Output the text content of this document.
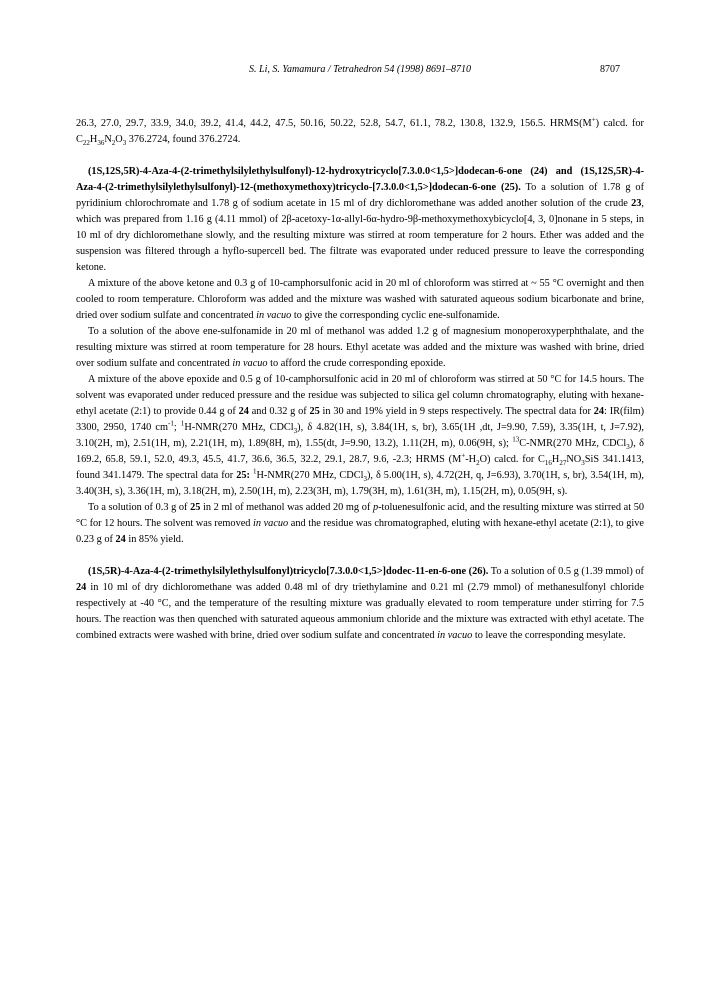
S. Li, S. Yamamura / Tetrahedron 54 (1998) 8691–8710	8707

26.3, 27.0, 29.7, 33.9, 34.0, 39.2, 41.4, 44.2, 47.5, 50.16, 50.22, 52.8, 54.7, 61.1, 78.2, 130.8, 132.9, 156.5. HRMS(M+) calcd. for $C_{22}H_{36}N_2O_3$ 376.2724, found 376.2724.

(1S,12S,5R)-4-Aza-4-(2-trimethylsilylethylsulfonyl)-12-hydroxytricyclo[7.3.0.0<1,5>]dodecan-6-one (24) and (1S,12S,5R)-4-Aza-4-(2-trimethylsilylethylsulfonyl)-12-(methoxymethoxy)tricyclo-[7.3.0.0<1,5>]dodecan-6-one (25). To a solution of 1.78 g of pyridinium chlorochromate and 1.78 g of sodium acetate in 15 ml of dry dichloromethane was added another solution of the crude 23, which was prepared from 1.16 g (4.11 mmol) of 2β-acetoxy-1α-allyl-6α-hydro-9β-methoxymethoxybicyclo[4, 3, 0]nonane in 5 steps, in 10 ml of dry dichloromethane slowly, and the resulting mixture was stirred at room temperature for 2 hours. Ether was added and the suspension was filtered through a hyflo-supercell bed. The filtrate was evaporated under reduced pressure to leave the corresponding ketone.

A mixture of the above ketone and 0.3 g of 10-camphorsulfonic acid in 20 ml of chloroform was stirred at ~ 55 °C overnight and then cooled to room temperature. Chloroform was added and the mixture was washed with saturated aqueous sodium bicarbonate and brine, dried over sodium sulfate and concentrated in vacuo to give the corresponding cyclic ene-sulfonamide.

To a solution of the above ene-sulfonamide in 20 ml of methanol was added 1.2 g of magnesium monoperoxyperphthalate, and the resulting mixture was stirred at room temperature for 28 hours. Ethyl acetate was added and the mixture was washed with brine, dried over sodium sulfate and concentrated in vacuo to afford the crude corresponding epoxide.

A mixture of the above epoxide and 0.5 g of 10-camphorsulfonic acid in 20 ml of chloroform was stirred at 50 °C for 14.5 hours. The solvent was evaporated under reduced pressure and the residue was subjected to silica gel column chromatography, eluting with hexane-ethyl acetate (2:1) to provide 0.44 g of 24 and 0.32 g of 25 in 30 and 19% yield in 9 steps respectively. The spectral data for 24: IR(film) 3300, 2950, 1740 $cm^{-1}$; $^1$H-NMR(270 MHz, CDCl$_3$), δ 4.82(1H, s), 3.84(1H, s, br), 3.65(1H ,dt, J=9.90, 7.59), 3.35(1H, t, J=7.92), 3.10(2H, m), 2.51(1H, m), 2.21(1H, m), 1.89(8H, m), 1.55(dt, J=9.90, 13.2), 1.11(2H, m), 0.06(9H, s); $^{13}$C-NMR(270 MHz, CDCl$_3$), δ 169.2, 65.8, 59.1, 52.0, 49.3, 45.5, 41.7, 36.6, 36.5, 32.2, 29.1, 28.7, 9.6, -2.3; HRMS $(M^+-H_2O)$ calcd. for $C_{16}H_{27}NO_3SiS$ 341.1413, found 341.1479. The spectral data for 25: $^1$H-NMR(270 MHz, CDCl$_3$), δ 5.00(1H, s), 4.72(2H, q, J=6.93), 3.70(1H, s, br), 3.54(1H, m), 3.40(3H, s), 3.36(1H, m), 3.18(2H, m), 2.50(1H, m), 2.23(3H, m), 1.79(3H, m), 1.61(3H, m), 1.15(2H, m), 0.05(9H, s).

To a solution of 0.3 g of 25 in 2 ml of methanol was added 20 mg of p-toluenesulfonic acid, and the resulting mixture was stirred at 50 °C for 12 hours. The solvent was removed in vacuo and the residue was chromatographed, eluting with hexane-ethyl acetate (2:1), to give 0.23 g of 24 in 85% yield.

(1S,5R)-4-Aza-4-(2-trimethylsilylethylsulfonyl)tricyclo[7.3.0.0<1,5>]dodec-11-en-6-one (26). To a solution of 0.5 g (1.39 mmol) of 24 in 10 ml of dry dichloromethane was added 0.48 ml of dry triethylamine and 0.21 ml (2.79 mmol) of methanesulfonyl chloride respectively at -40 °C, and the temperature of the resulting mixture was gradually elevated to room temperature under stirring for 7.5 hours. The reaction was then quenched with saturated aqueous ammonium chloride and the mixture was extracted with ethyl acetate. The combined extracts were washed with brine, dried over sodium sulfate and concentrated in vacuo to leave the corresponding mesylate.
